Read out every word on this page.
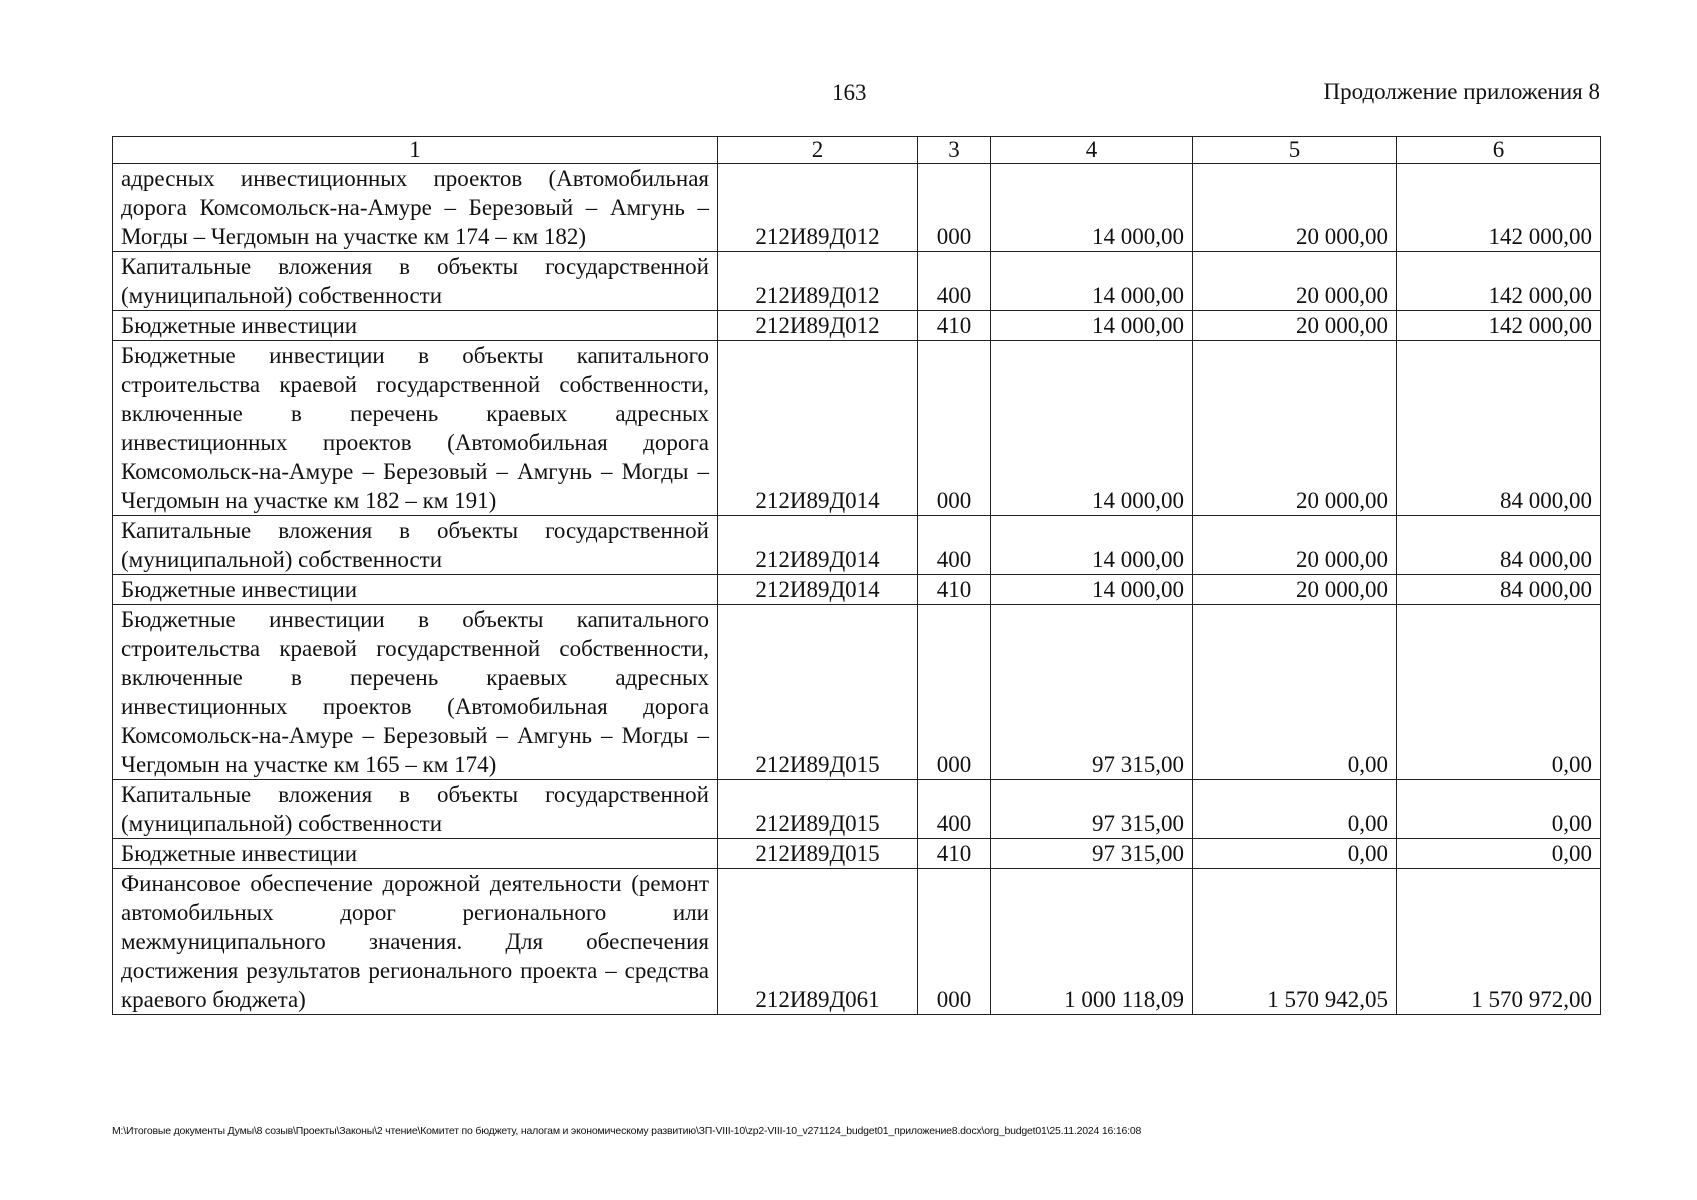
163	Продолжение приложения 8
1	2	3	4	5	6
адресных инвестиционных проектов (Автомобильная дорога Комсомольск-на-Амуре – Березовый – Амгунь – Могды – Чегдомын на участке км 174 – км 182)	212И89Д012	000	14 000,00	20 000,00	142 000,00
Капитальные вложения в объекты государственной (муниципальной) собственности	212И89Д012	400	14 000,00	20 000,00	142 000,00
Бюджетные инвестиции	212И89Д012	410	14 000,00	20 000,00	142 000,00
Бюджетные инвестиции в объекты капитального строительства краевой государственной собственности, включенные в перечень краевых адресных инвестиционных проектов (Автомобильная дорога Комсомольск-на-Амуре – Березовый – Амгунь – Могды – Чегдомын на участке км 182 – км 191)	212И89Д014	000	14 000,00	20 000,00	84 000,00
Капитальные вложения в объекты государственной (муниципальной) собственности	212И89Д014	400	14 000,00	20 000,00	84 000,00
Бюджетные инвестиции	212И89Д014	410	14 000,00	20 000,00	84 000,00
Бюджетные инвестиции в объекты капитального строительства краевой государственной собственности, включенные в перечень краевых адресных инвестиционных проектов (Автомобильная дорога Комсомольск-на-Амуре – Березовый – Амгунь – Могды – Чегдомын на участке км 165 – км 174)	212И89Д015	000	97 315,00	0,00	0,00
Капитальные вложения в объекты государственной (муниципальной) собственности	212И89Д015	400	97 315,00	0,00	0,00
Бюджетные инвестиции	212И89Д015	410	97 315,00	0,00	0,00
Финансовое обеспечение дорожной деятельности (ремонт автомобильных дорог регионального или межмуниципального значения. Для обеспечения достижения результатов регионального проекта – средства краевого бюджета)	212И89Д061	000	1 000 118,09	1 570 942,05	1 570 972,00
M:\Итоговые документы Думы\8 созыв\Проекты\Законы\2 чтение\Комитет по бюджету, налогам и экономическому развитию\ЗП-VIII-10\zp2-VIII-10_v271124_budget01_приложение8.docx\org_budget01\25.11.2024 16:16:08
